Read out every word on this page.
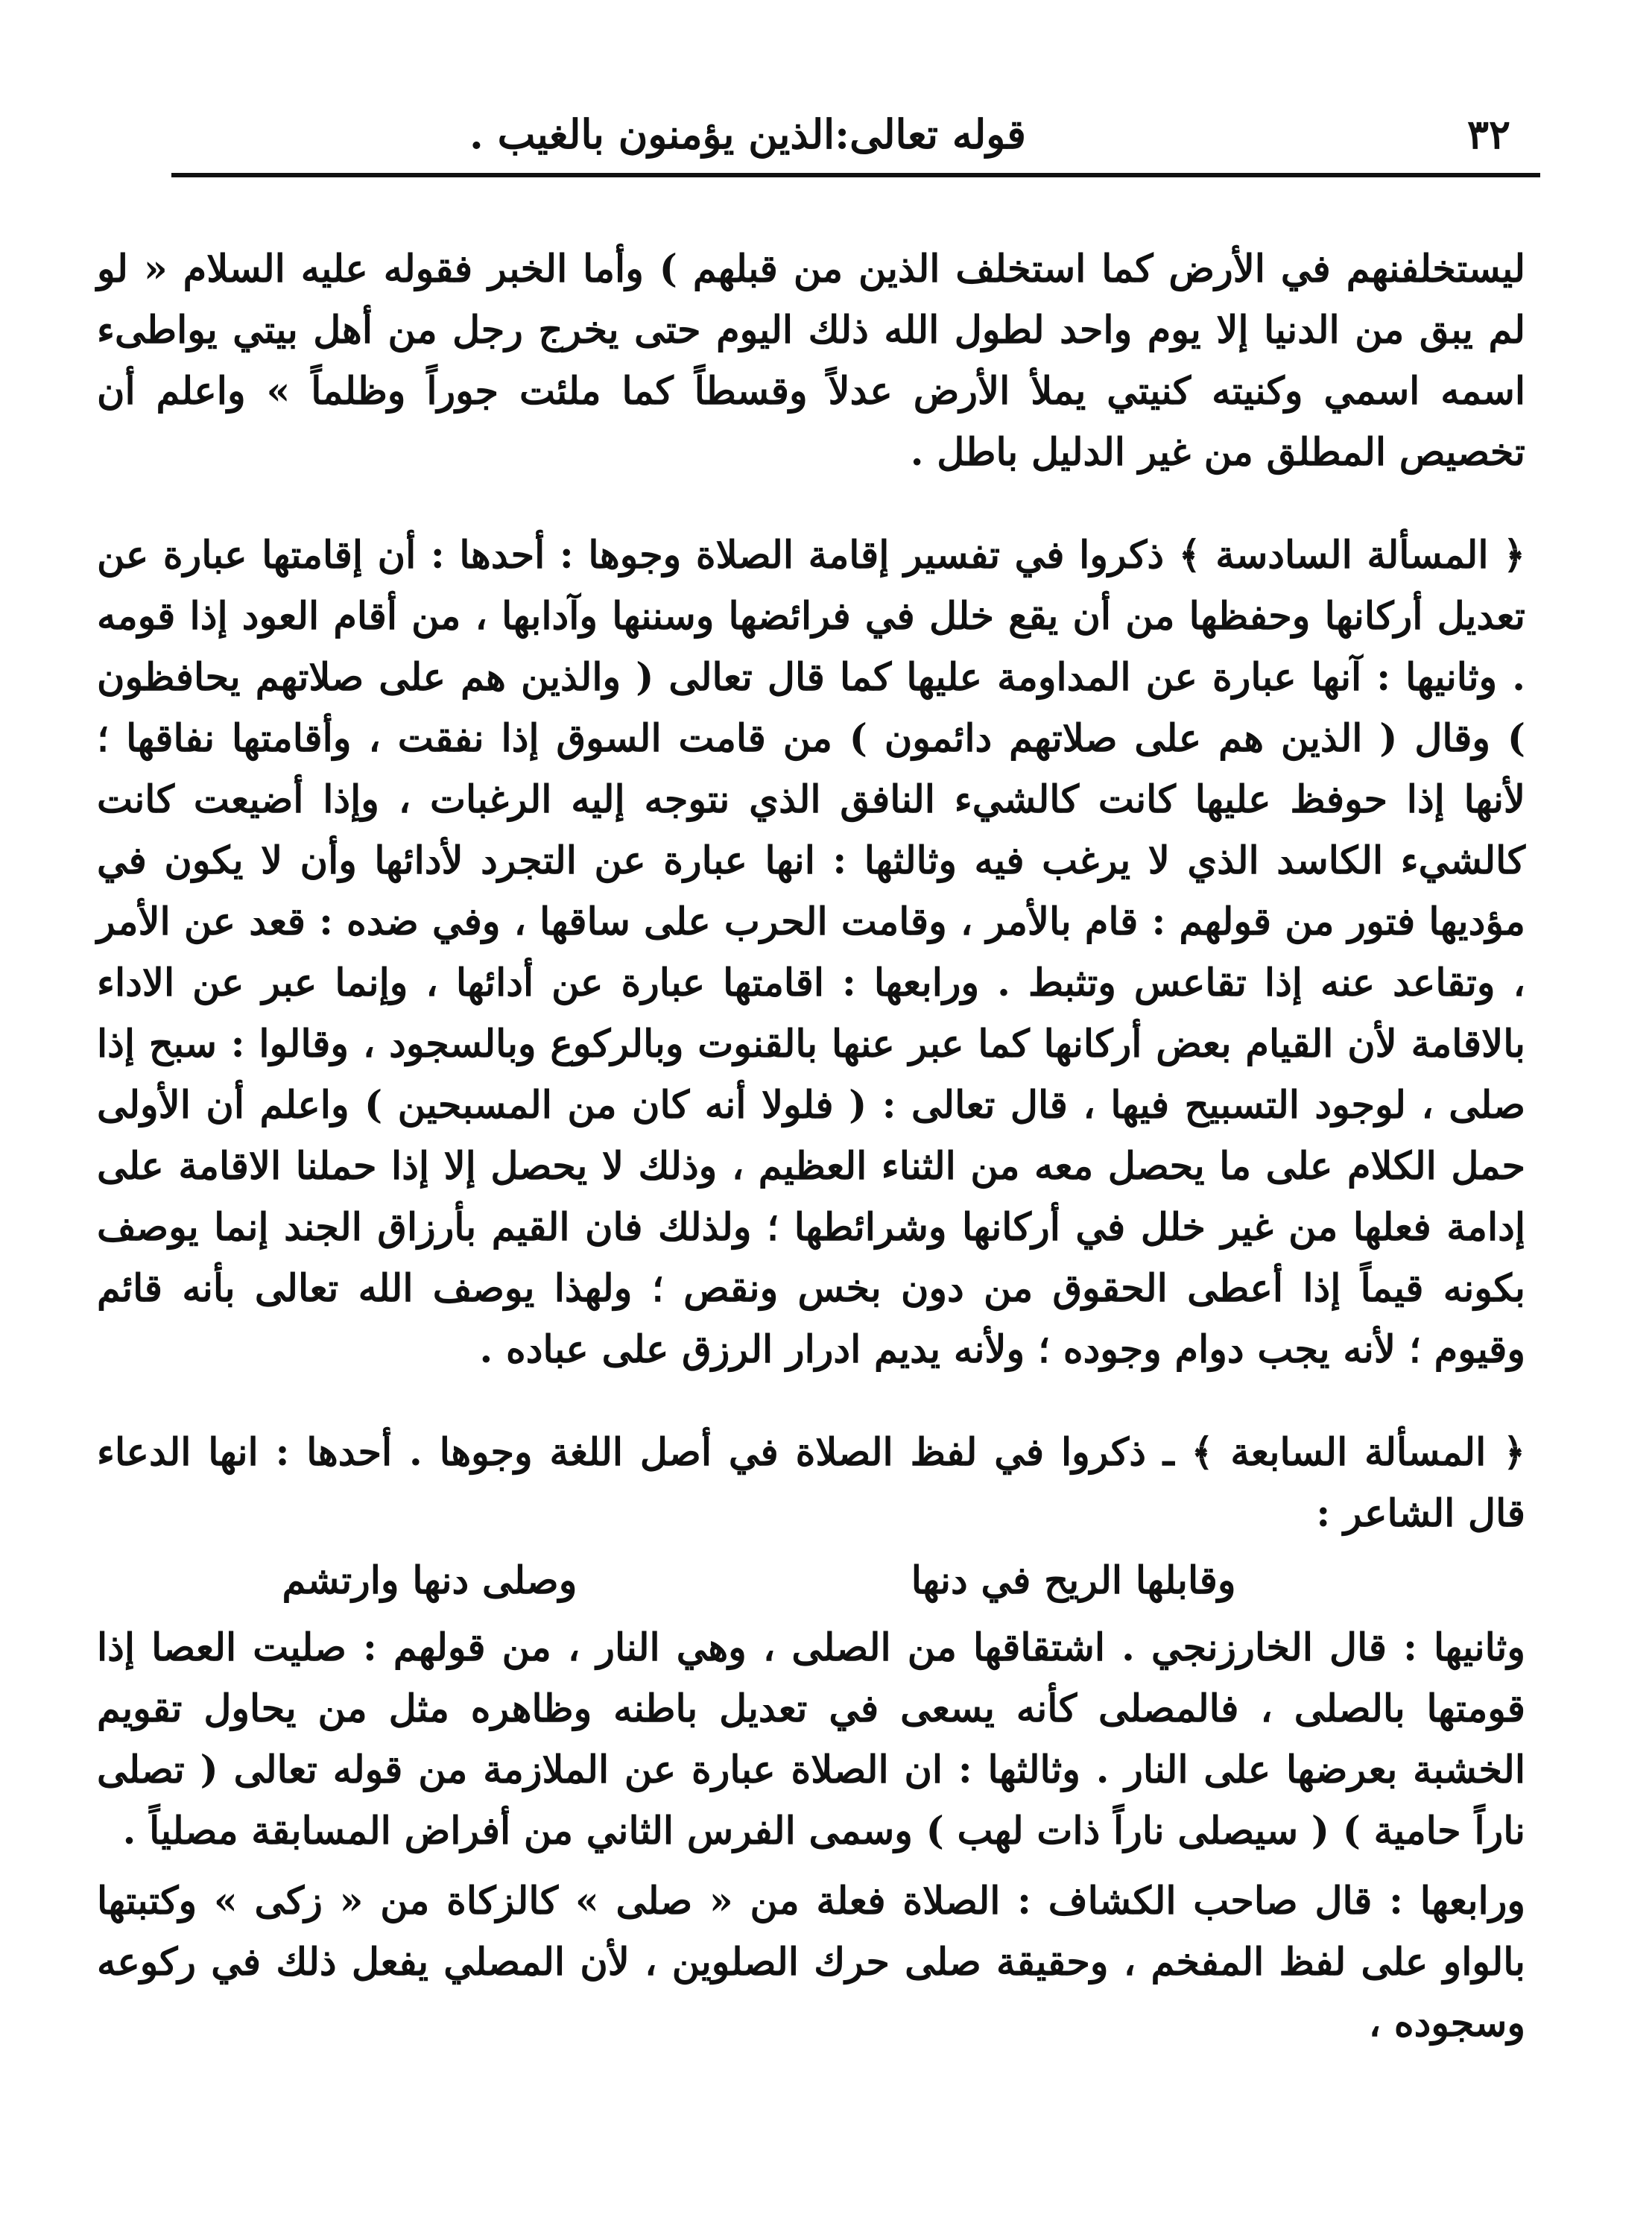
٣٢
قوله تعالى:الذين يؤمنون بالغيب .

ليستخلفنهم في الأرض كما استخلف الذين من قبلهم ) وأما الخبر فقوله عليه السلام « لو لم يبق من الدنيا إلا يوم واحد لطول الله ذلك اليوم حتى يخرج رجل من أهل بيتي يواطىء اسمه اسمي وكنيته كنيتي يملأ الأرض عدلاً وقسطاً كما ملئت جوراً وظلماً » واعلم أن تخصيص المطلق من غير الدليل باطل .

﴿ المسألة السادسة ﴾ ذكروا في تفسير إقامة الصلاة وجوها : أحدها : أن إقامتها عبارة عن تعديل أركانها وحفظها من أن يقع خلل في فرائضها وسننها وآدابها ، من أقام العود إذا قومه . وثانيها : آنها عبارة عن المداومة عليها كما قال تعالى ( والذين هم على صلاتهم يحافظون ) وقال ( الذين هم على صلاتهم دائمون ) من قامت السوق إذا نفقت ، وأقامتها نفاقها ؛ لأنها إذا حوفظ عليها كانت كالشيء النافق الذي نتوجه إليه الرغبات ، وإذا أضيعت كانت كالشيء الكاسد الذي لا يرغب فيه وثالثها : انها عبارة عن التجرد لأدائها وأن لا يكون في مؤديها فتور من قولهم : قام بالأمر ، وقامت الحرب على ساقها ، وفي ضده : قعد عن الأمر ، وتقاعد عنه إذا تقاعس وتثبط . ورابعها : اقامتها عبارة عن أدائها ، وإنما عبر عن الاداء بالاقامة لأن القيام بعض أركانها كما عبر عنها بالقنوت وبالركوع وبالسجود ، وقالوا : سبح إذا صلى ، لوجود التسبيح فيها ، قال تعالى : ( فلولا أنه كان من المسبحين ) واعلم أن الأولى حمل الكلام على ما يحصل معه من الثناء العظيم ، وذلك لا يحصل إلا إذا حملنا الاقامة على إدامة فعلها من غير خلل في أركانها وشرائطها ؛ ولذلك فان القيم بأرزاق الجند إنما يوصف بكونه قيماً إذا أعطى الحقوق من دون بخس ونقص ؛ ولهذا يوصف الله تعالى بأنه قائم وقيوم ؛ لأنه يجب دوام وجوده ؛ ولأنه يديم ادرار الرزق على عباده .

﴿ المسألة السابعة ﴾ ـ ذكروا في لفظ الصلاة في أصل اللغة وجوها . أحدها : انها الدعاء قال الشاعر :

وقابلها الريح في دنها
وصلى دنها وارتشم

وثانيها : قال الخارزنجي . اشتقاقها من الصلى ، وهي النار ، من قولهم : صليت العصا إذا قومتها بالصلى ، فالمصلى كأنه يسعى في تعديل باطنه وظاهره مثل من يحاول تقويم الخشبة بعرضها على النار . وثالثها : ان الصلاة عبارة عن الملازمة من قوله تعالى ( تصلى ناراً حامية ) ( سيصلى ناراً ذات لهب ) وسمى الفرس الثاني من أفراض المسابقة مصلياً .

ورابعها : قال صاحب الكشاف : الصلاة فعلة من « صلى » كالزكاة من « زكى » وكتبتها بالواو على لفظ المفخم ، وحقيقة صلى حرك الصلوين ، لأن المصلي يفعل ذلك في ركوعه وسجوده ،
